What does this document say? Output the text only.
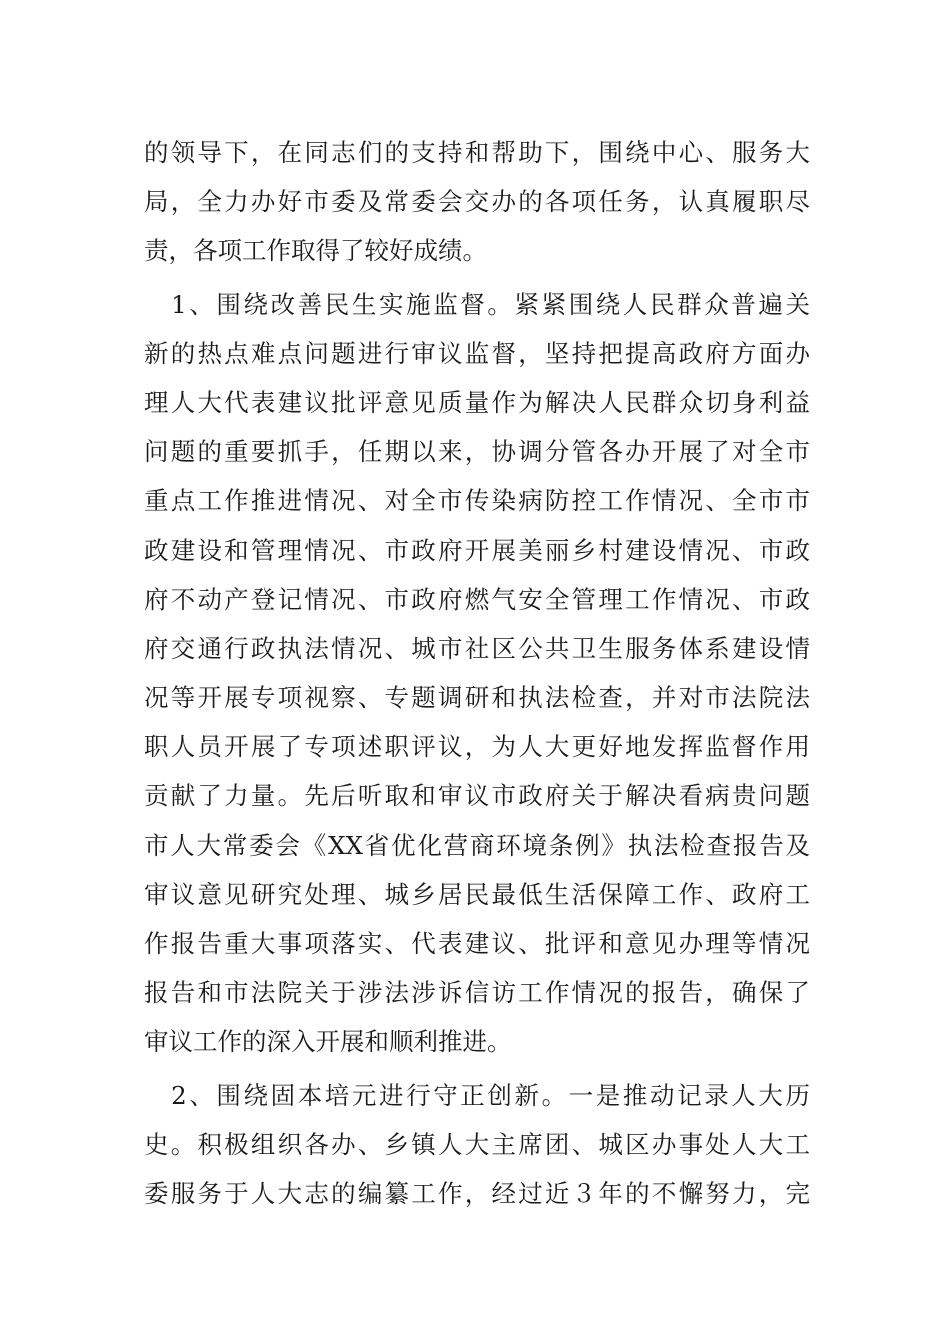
的领导下，在同志们的支持和帮助下，围绕中心、服务大
局，全力办好市委及常委会交办的各项任务，认真履职尽
责，各项工作取得了较好成绩。
　1、围绕改善民生实施监督。紧紧围绕人民群众普遍关
新的热点难点问题进行审议监督，坚持把提高政府方面办
理人大代表建议批评意见质量作为解决人民群众切身利益
问题的重要抓手，任期以来，协调分管各办开展了对全市
重点工作推进情况、对全市传染病防控工作情况、全市市
政建设和管理情况、市政府开展美丽乡村建设情况、市政
府不动产登记情况、市政府燃气安全管理工作情况、市政
府交通行政执法情况、城市社区公共卫生服务体系建设情
况等开展专项视察、专题调研和执法检查，并对市法院法
职人员开展了专项述职评议，为人大更好地发挥监督作用
贡献了力量。先后听取和审议市政府关于解决看病贵问题
市人大常委会《XX省优化营商环境条例》执法检查报告及
审议意见研究处理、城乡居民最低生活保障工作、政府工
作报告重大事项落实、代表建议、批评和意见办理等情况
报告和市法院关于涉法涉诉信访工作情况的报告，确保了
审议工作的深入开展和顺利推进。
　2、围绕固本培元进行守正创新。一是推动记录人大历
史。积极组织各办、乡镇人大主席团、城区办事处人大工
委服务于人大志的编纂工作，经过近３年的不懈努力，完
